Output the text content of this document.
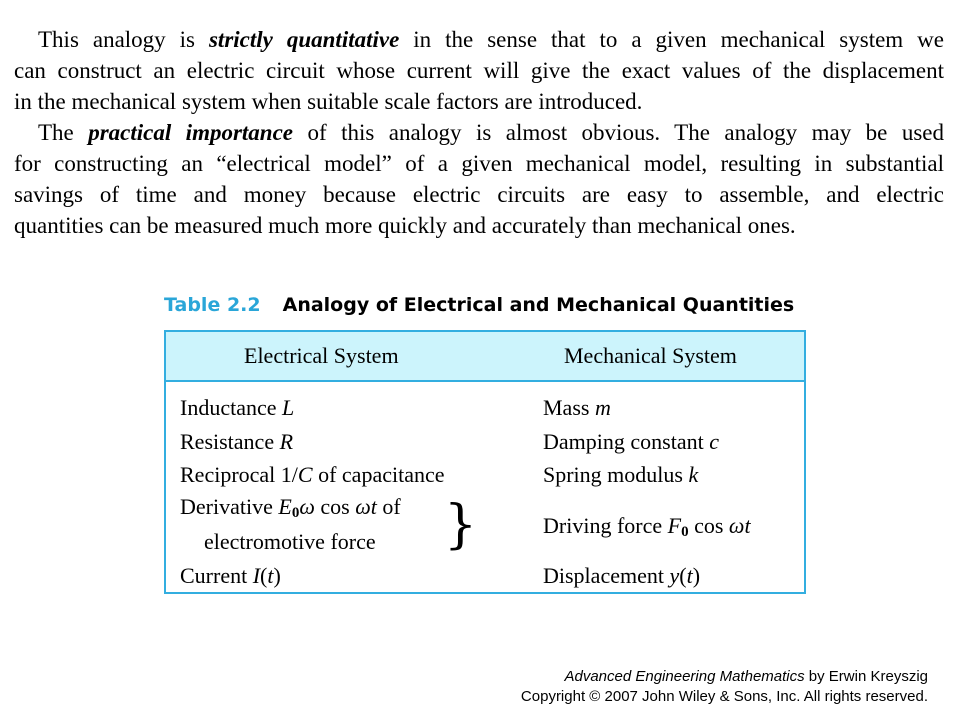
This analogy is strictly quantitative in the sense that to a given mechanical system we
can construct an electric circuit whose current will give the exact values of the displacement
in the mechanical system when suitable scale factors are introduced.
The practical importance of this analogy is almost obvious. The analogy may be used
for constructing an “electrical model” of a given mechanical model, resulting in substantial
savings of time and money because electric circuits are easy to assemble, and electric
quantities can be measured much more quickly and accurately than mechanical ones.
Table 2.2 Analogy of Electrical and Mechanical Quantities
Electrical System	Mechanical System
Inductance L	Mass m
Resistance R	Damping constant c
Reciprocal 1/C of capacitance	Spring modulus k
Derivative $E_0\omega$ cos ωt of
electromotive force }	Driving force $F_0$ cos ωt
Current I(t)	Displacement y(t)
Advanced Engineering Mathematics by Erwin Kreyszig
Copyright © 2007 John Wiley & Sons, Inc. All rights reserved.
